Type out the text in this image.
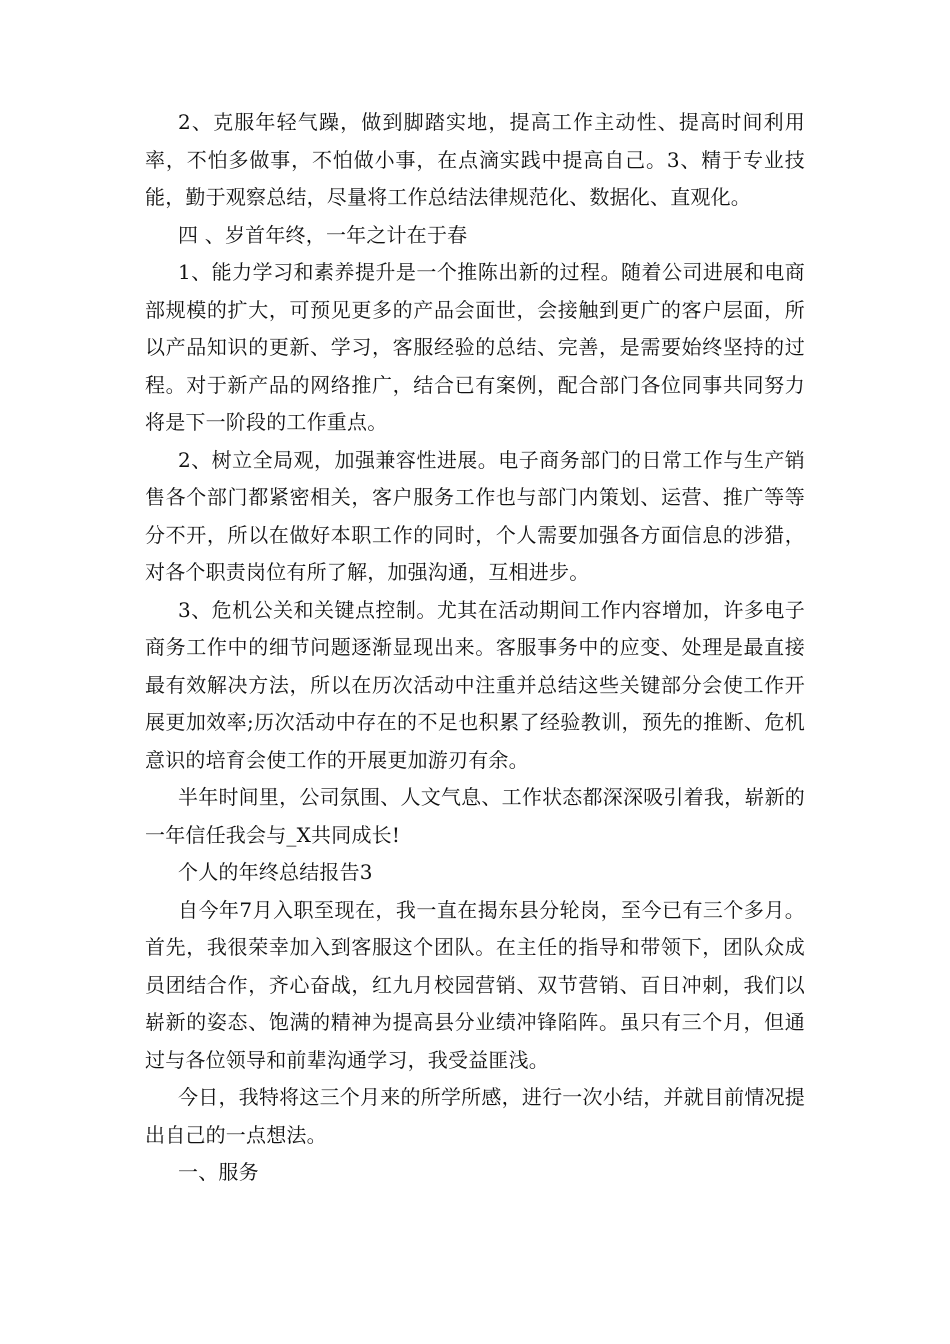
2、克服年轻气躁，做到脚踏实地，提高工作主动性、提高时间利用率，不怕多做事，不怕做小事，在点滴实践中提高自己。3、精于专业技能，勤于观察总结，尽量将工作总结法律规范化、数据化、直观化。

四 、岁首年终，一年之计在于春

1、能力学习和素养提升是一个推陈出新的过程。随着公司进展和电商部规模的扩大，可预见更多的产品会面世，会接触到更广的客户层面，所以产品知识的更新、学习，客服经验的总结、完善，是需要始终坚持的过程。对于新产品的网络推广，结合已有案例，配合部门各位同事共同努力将是下一阶段的工作重点。

2、树立全局观，加强兼容性进展。电子商务部门的日常工作与生产销售各个部门都紧密相关，客户服务工作也与部门内策划、运营、推广等等分不开，所以在做好本职工作的同时，个人需要加强各方面信息的涉猎，对各个职责岗位有所了解，加强沟通，互相进步。

3、危机公关和关键点控制。尤其在活动期间工作内容增加，许多电子商务工作中的细节问题逐渐显现出来。客服事务中的应变、处理是最直接最有效解决方法，所以在历次活动中注重并总结这些关键部分会使工作开展更加效率;历次活动中存在的不足也积累了经验教训，预先的推断、危机意识的培育会使工作的开展更加游刃有余。

半年时间里，公司氛围、人文气息、工作状态都深深吸引着我，崭新的一年信任我会与_X共同成长!

个人的年终总结报告3

自今年7月入职至现在，我一直在揭东县分轮岗，至今已有三个多月。首先，我很荣幸加入到客服这个团队。在主任的指导和带领下，团队众成员团结合作，齐心奋战，红九月校园营销、双节营销、百日冲刺，我们以崭新的姿态、饱满的精神为提高县分业绩冲锋陷阵。虽只有三个月，但通过与各位领导和前辈沟通学习，我受益匪浅。

今日，我特将这三个月来的所学所感，进行一次小结，并就目前情况提出自己的一点想法。

一、服务
